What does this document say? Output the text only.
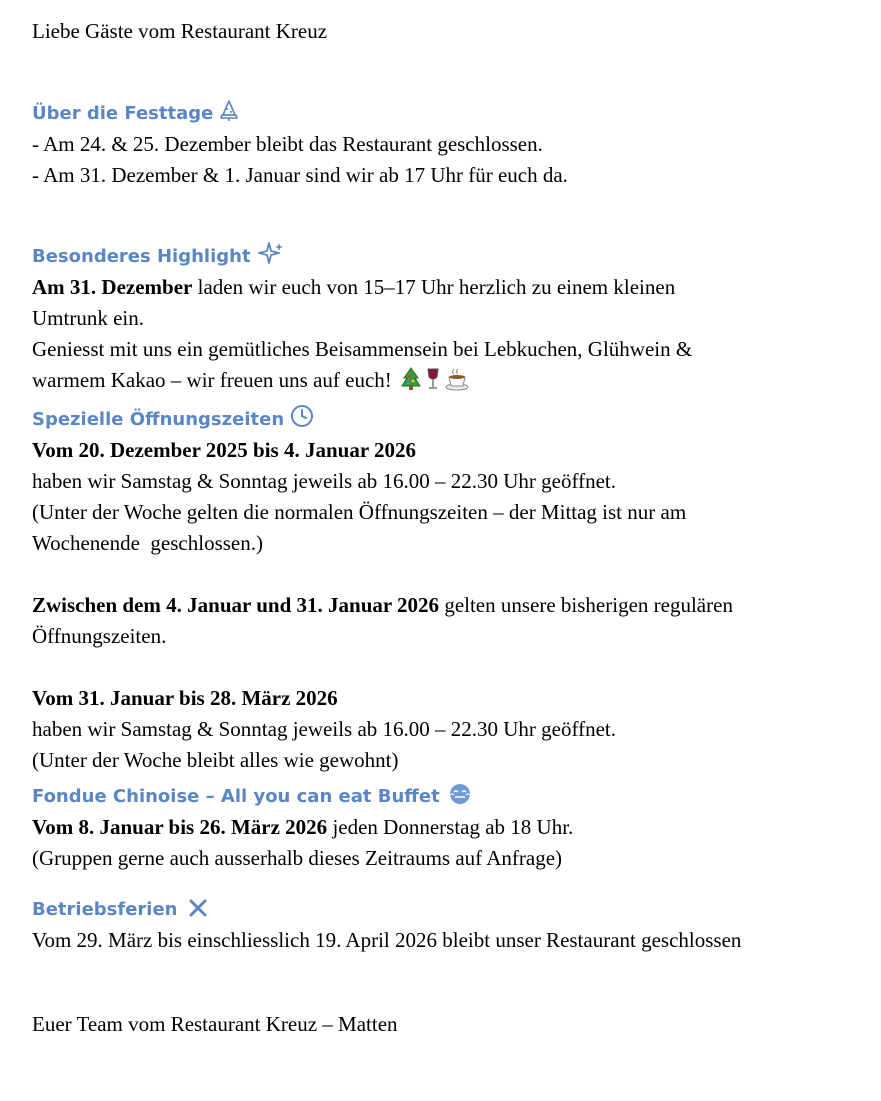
Liebe Gäste vom Restaurant Kreuz
Über die Festtage
- Am 24. & 25. Dezember bleibt das Restaurant geschlossen.
- Am 31. Dezember & 1. Januar sind wir ab 17 Uhr für euch da.
Besonderes Highlight
Am 31. Dezember laden wir euch von 15–17 Uhr herzlich zu einem kleinen
Umtrunk ein.
Geniesst mit uns ein gemütliches Beisammensein bei Lebkuchen, Glühwein &
warmem Kakao – wir freuen uns auf euch!
Spezielle Öffnungszeiten
Vom 20. Dezember 2025 bis 4. Januar 2026
haben wir Samstag & Sonntag jeweils ab 16.00 – 22.30 Uhr geöffnet.
(Unter der Woche gelten die normalen Öffnungszeiten – der Mittag ist nur am
Wochenende  geschlossen.)
Zwischen dem 4. Januar und 31. Januar 2026 gelten unsere bisherigen regulären
Öffnungszeiten.
Vom 31. Januar bis 28. März 2026
haben wir Samstag & Sonntag jeweils ab 16.00 – 22.30 Uhr geöffnet.
(Unter der Woche bleibt alles wie gewohnt)
Fondue Chinoise – All you can eat Buffet
Vom 8. Januar bis 26. März 2026 jeden Donnerstag ab 18 Uhr.
(Gruppen gerne auch ausserhalb dieses Zeitraums auf Anfrage)
Betriebsferien
Vom 29. März bis einschliesslich 19. April 2026 bleibt unser Restaurant geschlossen
Euer Team vom Restaurant Kreuz – Matten
